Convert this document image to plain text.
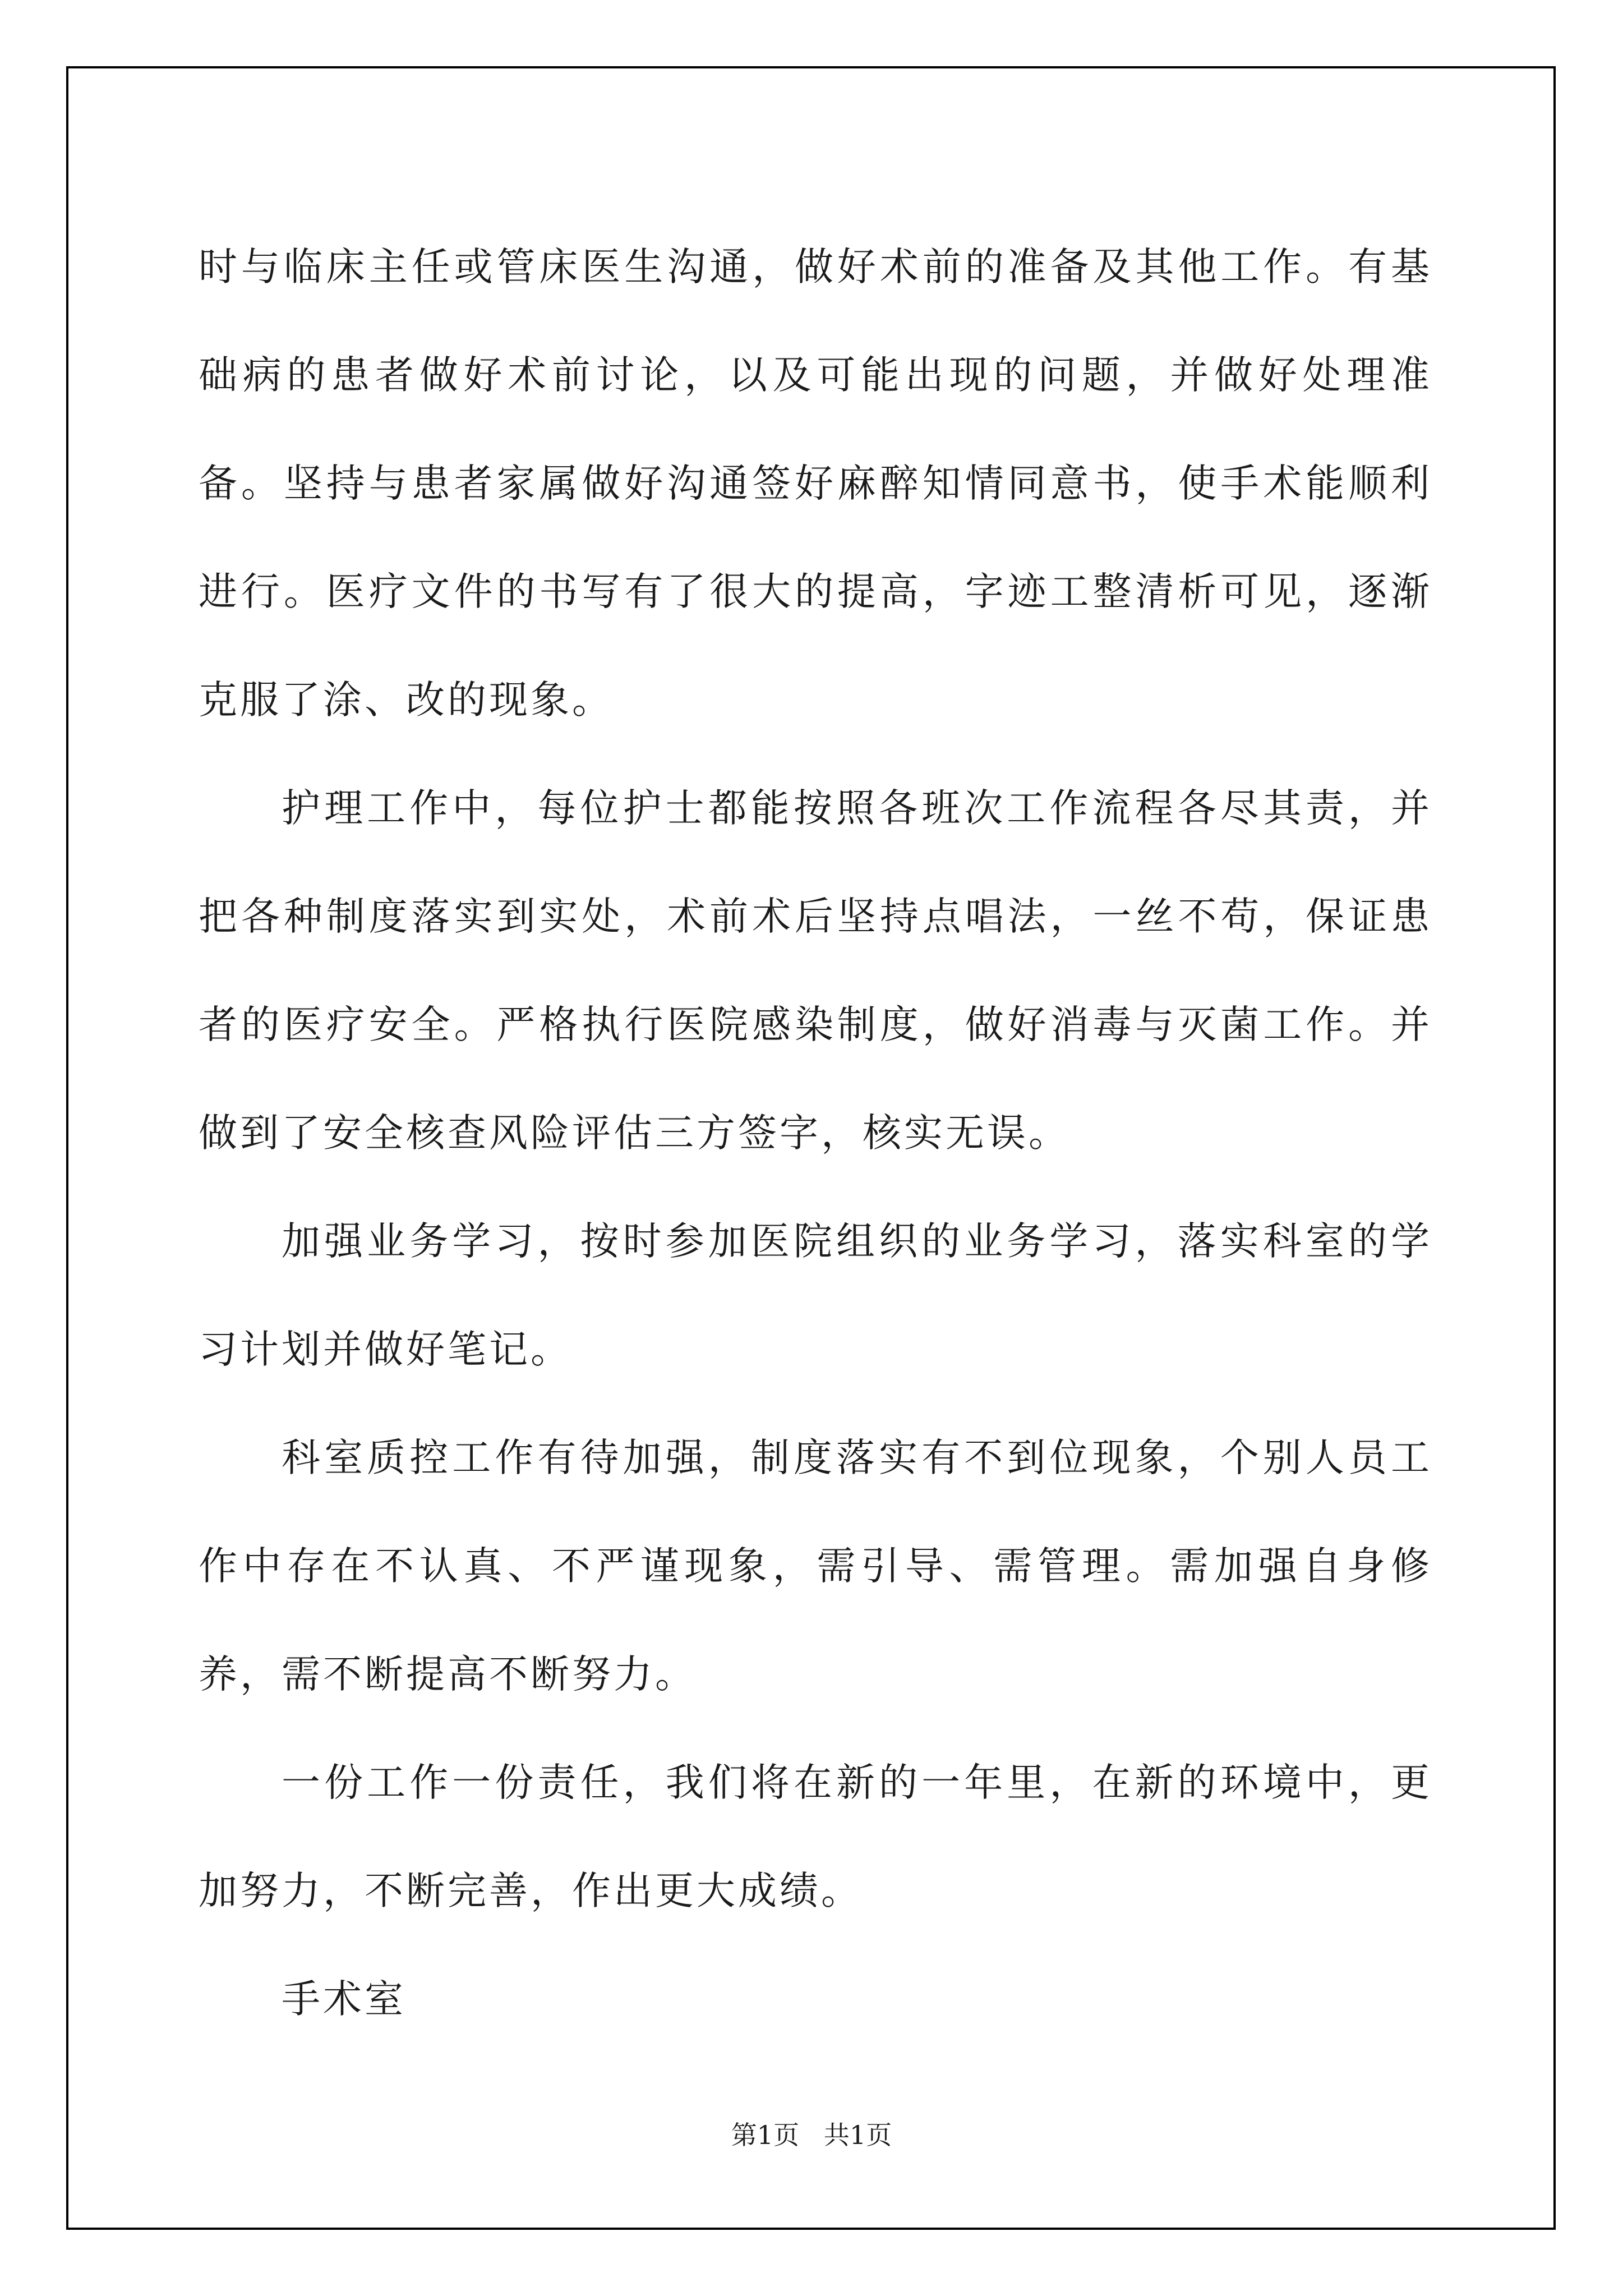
时与临床主任或管床医生沟通，做好术前的准备及其他工作。有基础病的患者做好术前讨论，以及可能出现的问题，并做好处理准备。坚持与患者家属做好沟通签好麻醉知情同意书，使手术能顺利进行。医疗文件的书写有了很大的提高，字迹工整清析可见，逐渐克服了涂、改的现象。

护理工作中，每位护士都能按照各班次工作流程各尽其责，并把各种制度落实到实处，术前术后坚持点唱法，一丝不苟，保证患者的医疗安全。严格执行医院感染制度，做好消毒与灭菌工作。并做到了安全核查风险评估三方签字，核实无误。

加强业务学习，按时参加医院组织的业务学习，落实科室的学习计划并做好笔记。

科室质控工作有待加强，制度落实有不到位现象，个别人员工作中存在不认真、不严谨现象，需引导、需管理。需加强自身修养，需不断提高不断努力。

一份工作一份责任，我们将在新的一年里，在新的环境中，更加努力，不断完善，作出更大成绩。

手术室

第1页   共1页
